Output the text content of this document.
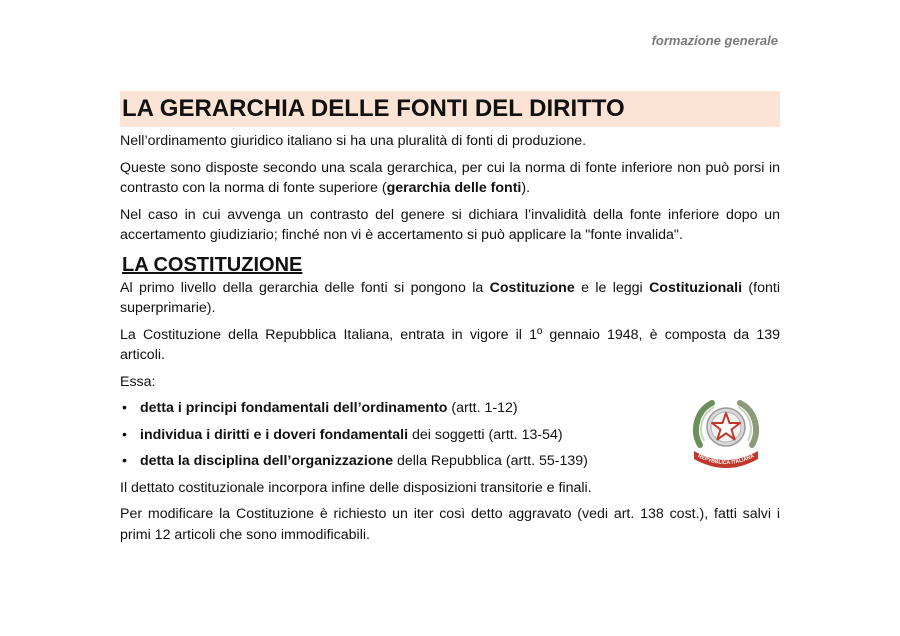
formazione generale
LA GERARCHIA DELLE FONTI DEL DIRITTO

Nell’ordinamento giuridico italiano si ha una pluralità di fonti di produzione.

Queste sono disposte secondo una scala gerarchica, per cui la norma di fonte inferiore non può porsi in contrasto con la norma di fonte superiore (gerarchia delle fonti).

Nel caso in cui avvenga un contrasto del genere si dichiara l’invalidità della fonte inferiore dopo un accertamento giudiziario; finché non vi è accertamento si può applicare la "fonte invalida".

LA COSTITUZIONE

Al primo livello della gerarchia delle fonti si pongono la Costituzione e le leggi Costituzionali (fonti superprimarie).

La Costituzione della Repubblica Italiana, entrata in vigore il 1º gennaio 1948, è composta da 139 articoli.

Essa:

• detta i principi fondamentali dell’ordinamento (artt. 1-12)
• individua i diritti e i doveri fondamentali dei soggetti (artt. 13-54)
• detta la disciplina dell’organizzazione della Repubblica (artt. 55-139)

Il dettato costituzionale incorpora infine delle disposizioni transitorie e finali.

Per modificare la Costituzione è richiesto un iter così detto aggravato (vedi art. 138 cost.), fatti salvi i primi 12 articoli che sono immodificabili.

REPVBBLICA ITALIANA
